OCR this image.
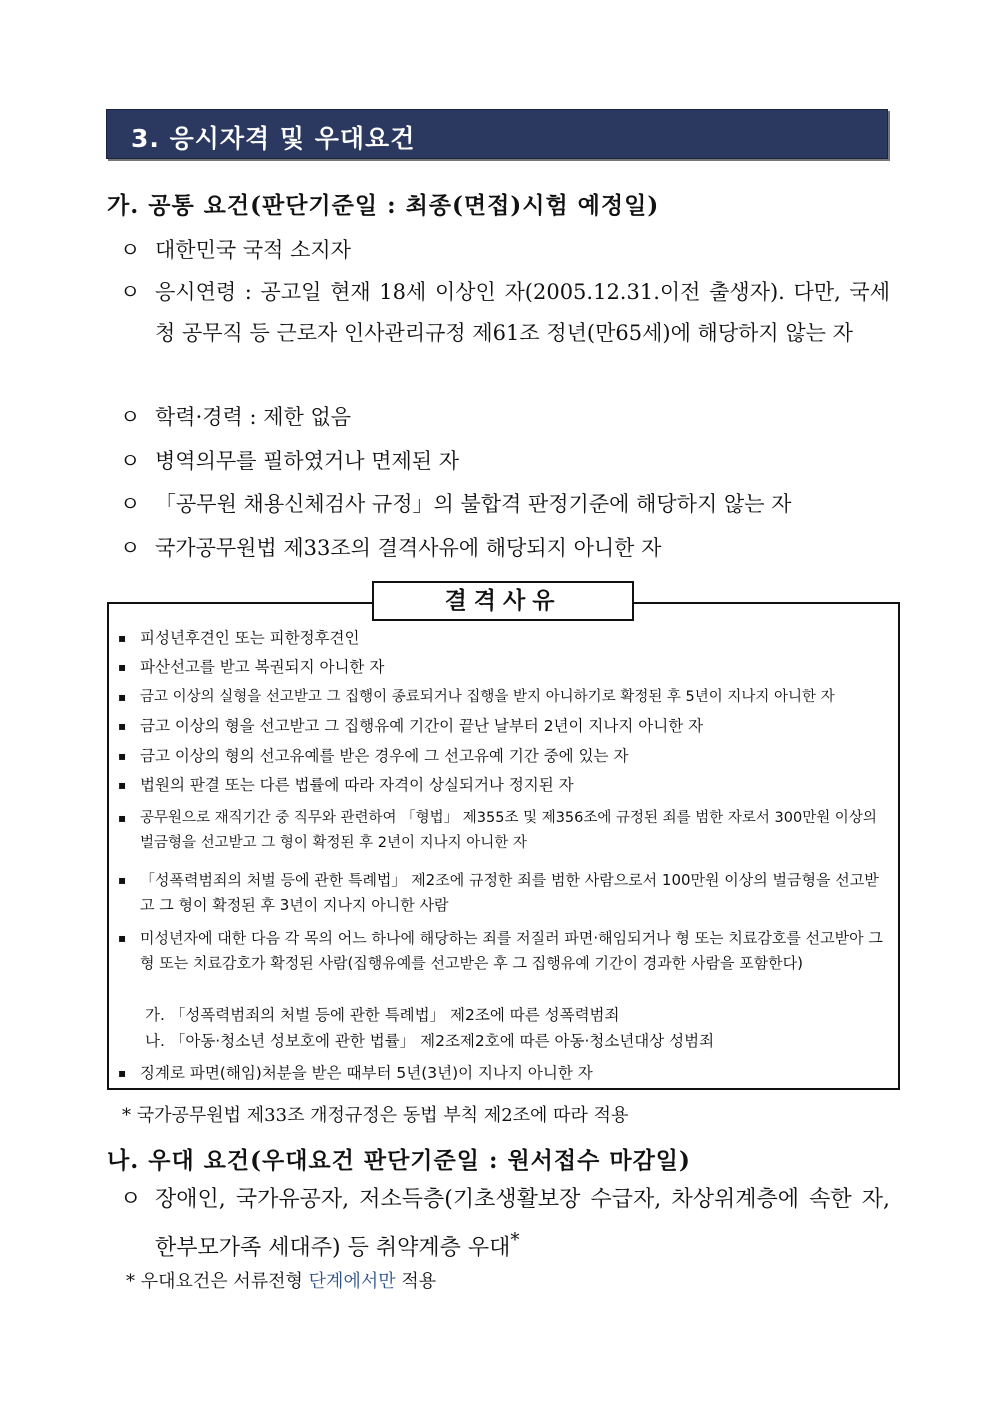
3. 응시자격 및 우대요건
가. 공통 요건(판단기준일 : 최종(면접)시험 예정일)
ㅇ 대한민국 국적 소지자
ㅇ 응시연령 : 공고일 현재 18세 이상인 자(2005.12.31.이전 출생자). 다만, 국세청 공무직 등 근로자 인사관리규정 제61조 정년(만65세)에 해당하지 않는 자
ㅇ 학력·경력 : 제한 없음
ㅇ 병역의무를 필하였거나 면제된 자
ㅇ 「공무원 채용신체검사 규정」의 불합격 판정기준에 해당하지 않는 자
ㅇ 국가공무원법 제33조의 결격사유에 해당되지 아니한 자
결격사유
▪ 피성년후견인 또는 피한정후견인
▪ 파산선고를 받고 복권되지 아니한 자
▪ 금고 이상의 실형을 선고받고 그 집행이 종료되거나 집행을 받지 아니하기로 확정된 후 5년이 지나지 아니한 자
▪ 금고 이상의 형을 선고받고 그 집행유예 기간이 끝난 날부터 2년이 지나지 아니한 자
▪ 금고 이상의 형의 선고유예를 받은 경우에 그 선고유예 기간 중에 있는 자
▪ 법원의 판결 또는 다른 법률에 따라 자격이 상실되거나 정지된 자
▪ 공무원으로 재직기간 중 직무와 관련하여 「형법」 제355조 및 제356조에 규정된 죄를 범한 자로서 300만원 이상의 벌금형을 선고받고 그 형이 확정된 후 2년이 지나지 아니한 자
▪ 「성폭력범죄의 처벌 등에 관한 특례법」 제2조에 규정한 죄를 범한 사람으로서 100만원 이상의 벌금형을 선고받고 그 형이 확정된 후 3년이 지나지 아니한 사람
▪ 미성년자에 대한 다음 각 목의 어느 하나에 해당하는 죄를 저질러 파면·해임되거나 형 또는 치료감호를 선고받아 그 형 또는 치료감호가 확정된 사람(집행유예를 선고받은 후 그 집행유예 기간이 경과한 사람을 포함한다)
가. 「성폭력범죄의 처벌 등에 관한 특례법」 제2조에 따른 성폭력범죄
나. 「아동·청소년 성보호에 관한 법률」 제2조제2호에 따른 아동·청소년대상 성범죄
▪ 징계로 파면(해임)처분을 받은 때부터 5년(3년)이 지나지 아니한 자
* 국가공무원법 제33조 개정규정은 동법 부칙 제2조에 따라 적용
나. 우대 요건(우대요건 판단기준일 : 원서접수 마감일)
ㅇ 장애인, 국가유공자, 저소득층(기초생활보장 수급자, 차상위계층에 속한 자, 한부모가족 세대주) 등 취약계층 우대*
* 우대요건은 서류전형 단계에서만 적용
